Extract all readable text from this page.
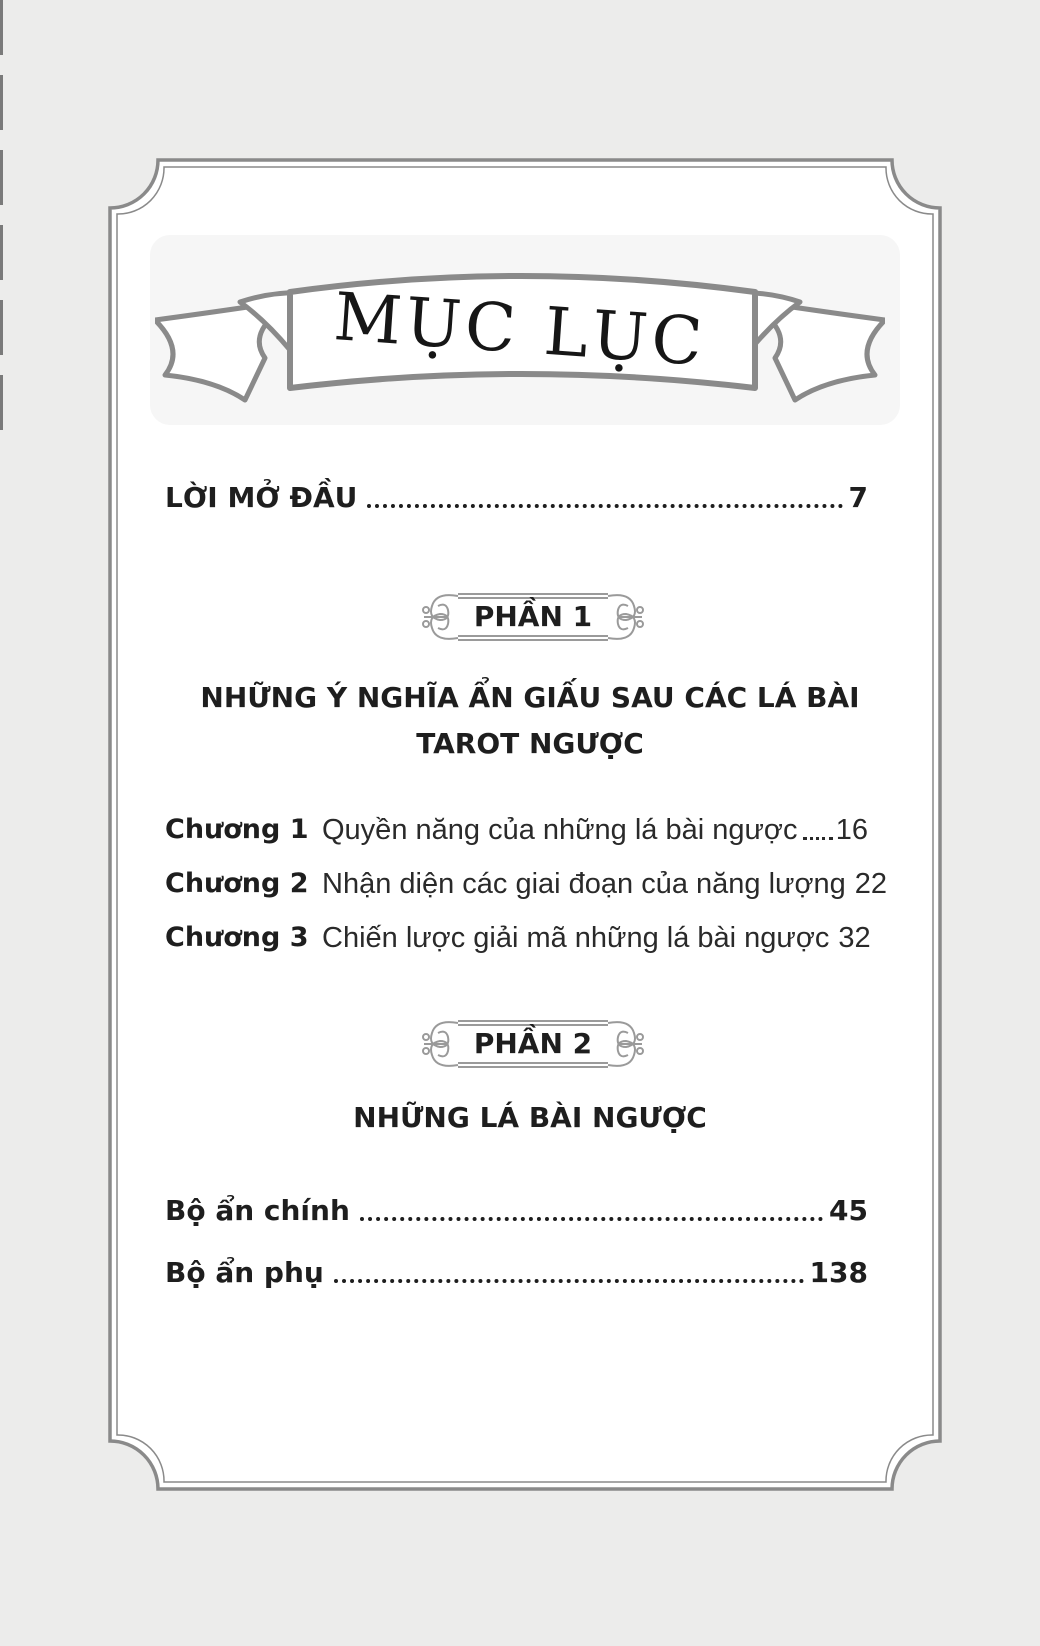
MỤC LỤC
LỜI MỞ ĐẦU	7
PHẦN 1
NHỮNG Ý NGHĨA ẨN GIẤU SAU CÁC LÁ BÀI
TAROT NGƯỢC
Chương 1 Quyền năng của những lá bài ngược 16
Chương 2 Nhận diện các giai đoạn của năng lượng 22
Chương 3 Chiến lược giải mã những lá bài ngược 32
PHẦN 2
NHỮNG LÁ BÀI NGƯỢC
Bộ ẩn chính	45
Bộ ẩn phụ	138
